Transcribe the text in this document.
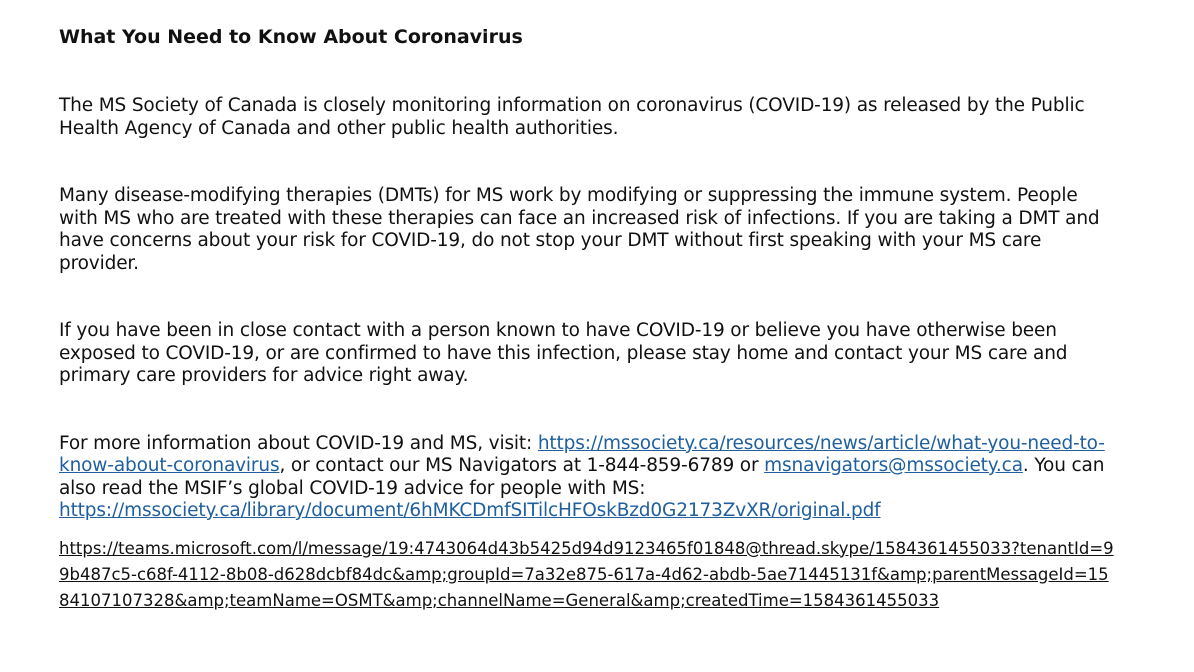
What You Need to Know About Coronavirus

The MS Society of Canada is closely monitoring information on coronavirus (COVID-19) as released by the Public Health Agency of Canada and other public health authorities.

Many disease-modifying therapies (DMTs) for MS work by modifying or suppressing the immune system. People with MS who are treated with these therapies can face an increased risk of infections. If you are taking a DMT and have concerns about your risk for COVID-19, do not stop your DMT without first speaking with your MS care provider.

If you have been in close contact with a person known to have COVID-19 or believe you have otherwise been exposed to COVID-19, or are confirmed to have this infection, please stay home and contact your MS care and primary care providers for advice right away.

For more information about COVID-19 and MS, visit: https://mssociety.ca/resources/news/article/what-you-need-to-know-about-coronavirus, or contact our MS Navigators at 1-844-859-6789 or msnavigators@mssociety.ca. You can also read the MSIF’s global COVID-19 advice for people with MS: https://mssociety.ca/library/document/6hMKCDmfSITilcHFOskBzd0G2173ZvXR/original.pdf

https://teams.microsoft.com/l/message/19:4743064d43b5425d94d9123465f01848@thread.skype/1584361455033?tenantId=99b487c5-c68f-4112-8b08-d628dcbf84dc&amp;groupId=7a32e875-617a-4d62-abdb-5ae71445131f&amp;parentMessageId=1584107107328&amp;teamName=OSMT&amp;channelName=General&amp;createdTime=1584361455033
